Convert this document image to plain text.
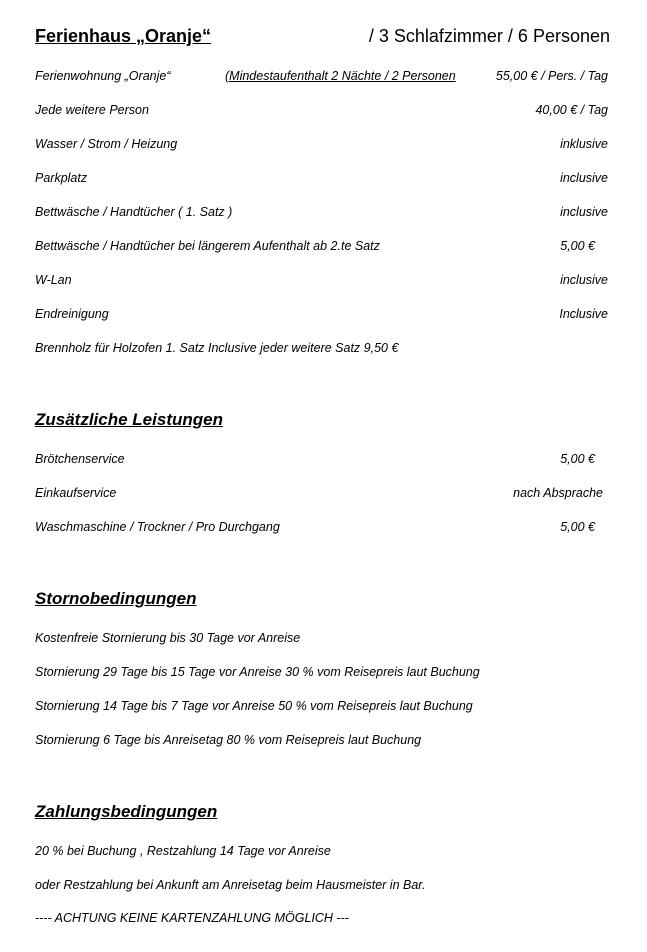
Ferienhaus „Oranje“	/ 3 Schlafzimmer / 6 Personen
Ferienwohnung „Oranje“	(Mindestaufenthalt 2 Nächte / 2 Personen	55,00 € / Pers. / Tag
Jede weitere Person	40,00 € / Tag
Wasser / Strom / Heizung	inklusive
Parkplatz	inclusive
Bettwäsche / Handtücher ( 1. Satz )	inclusive
Bettwäsche / Handtücher bei längerem Aufenthalt ab 2.te Satz	5,00 €
W-Lan	inclusive
Endreinigung	Inclusive
Brennholz für Holzofen 1. Satz Inclusive jeder weitere Satz 9,50 €
Zusätzliche Leistungen
Brötchenservice	5,00 €
Einkaufservice	nach Absprache
Waschmaschine / Trockner / Pro Durchgang	5,00 €
Stornobedingungen
Kostenfreie Stornierung bis 30 Tage vor Anreise
Stornierung 29 Tage bis 15 Tage vor Anreise 30 % vom Reisepreis laut Buchung
Stornierung 14 Tage bis 7 Tage vor Anreise 50 % vom Reisepreis laut Buchung
Stornierung 6 Tage bis Anreisetag 80 % vom Reisepreis laut Buchung
Zahlungsbedingungen
20 % bei Buchung , Restzahlung 14 Tage vor Anreise
oder Restzahlung bei Ankunft am Anreisetag beim Hausmeister in Bar.
---- ACHTUNG KEINE KARTENZAHLUNG MÖGLICH ---
